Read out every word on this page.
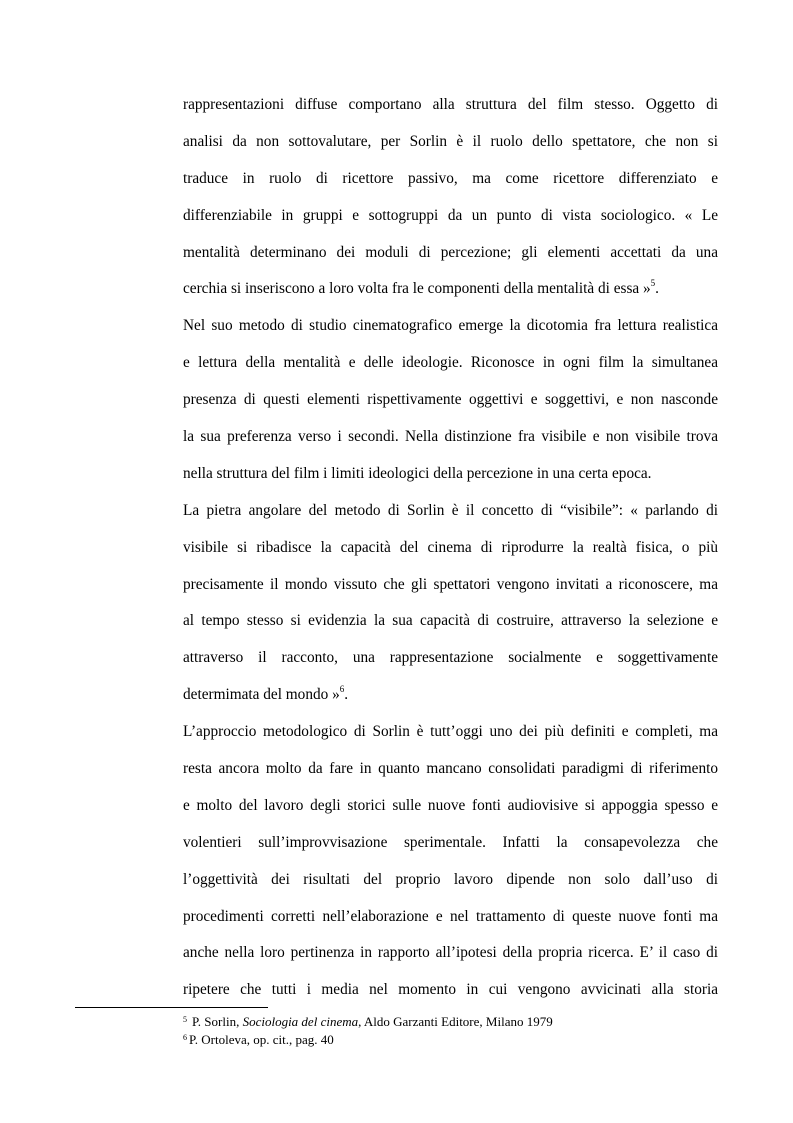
rappresentazioni diffuse comportano alla struttura del film stesso. Oggetto di
analisi da non sottovalutare, per Sorlin è il ruolo dello spettatore, che non si
traduce in ruolo di ricettore passivo, ma come ricettore differenziato e
differenziabile in gruppi e sottogruppi da un punto di vista sociologico. « Le
mentalità determinano dei moduli di percezione; gli elementi accettati da una
cerchia si inseriscono a loro volta fra le componenti della mentalità di essa »$^5$.
Nel suo metodo di studio cinematografico emerge la dicotomia fra lettura realistica
e lettura della mentalità e delle ideologie. Riconosce in ogni film la simultanea
presenza di questi elementi rispettivamente oggettivi e soggettivi, e non nasconde
la sua preferenza verso i secondi. Nella distinzione fra visibile e non visibile trova
nella struttura del film i limiti ideologici della percezione in una certa epoca.
La pietra angolare del metodo di Sorlin è il concetto di “visibile”: « parlando di
visibile si ribadisce la capacità del cinema di riprodurre la realtà fisica, o più
precisamente il mondo vissuto che gli spettatori vengono invitati a riconoscere, ma
al tempo stesso si evidenzia la sua capacità di costruire, attraverso la selezione e
attraverso il racconto, una rappresentazione socialmente e soggettivamente
determimata del mondo »$^6$.
L’approccio metodologico di Sorlin è tutt’oggi uno dei più definiti e completi, ma
resta ancora molto da fare in quanto mancano consolidati paradigmi di riferimento
e molto del lavoro degli storici sulle nuove fonti audiovisive si appoggia spesso e
volentieri sull’improvvisazione sperimentale. Infatti la consapevolezza che
l’oggettività dei risultati del proprio lavoro dipende non solo dall’uso di
procedimenti corretti nell’elaborazione e nel trattamento di queste nuove fonti ma
anche nella loro pertinenza in rapporto all’ipotesi della propria ricerca. E’ il caso di
ripetere che tutti i media nel momento in cui vengono avvicinati alla storia
$^5$ P. Sorlin, Sociologia del cinema, Aldo Garzanti Editore, Milano 1979
$^6$ P. Ortoleva, op. cit., pag. 40
